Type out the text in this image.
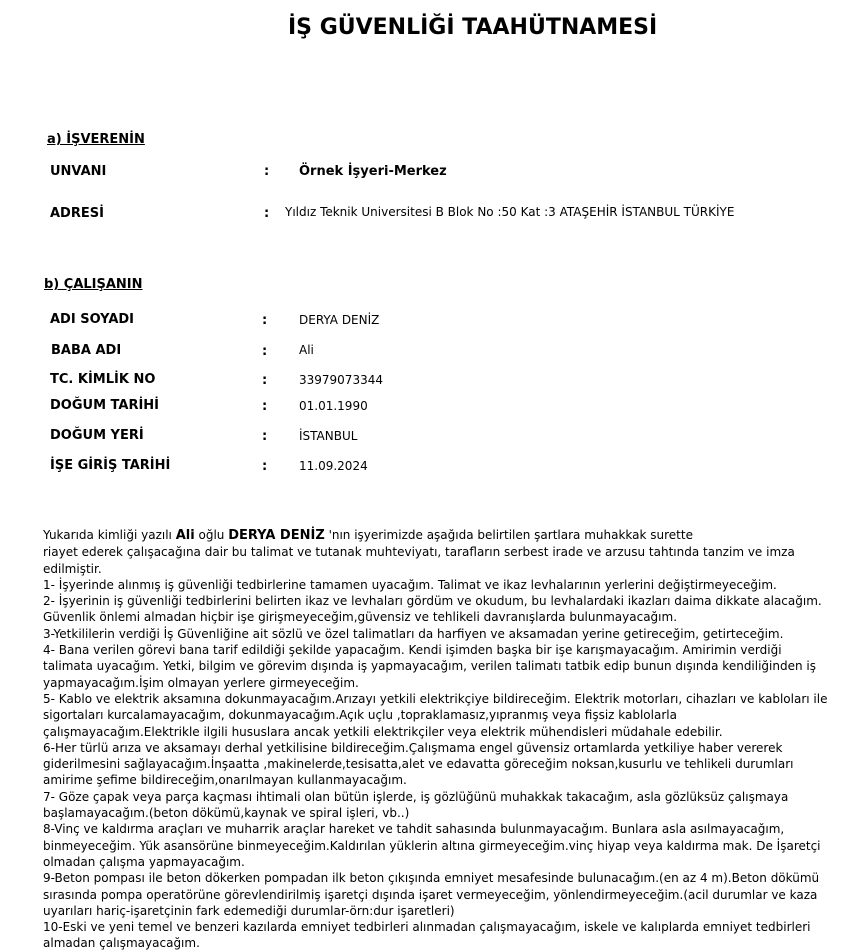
İŞ GÜVENLİĞİ TAAHÜTNAMESİ
a) İŞVERENİN
UNVANI	: Örnek İşyeri-Merkez
ADRESİ	: Yıldız Teknik Universitesi B Blok No :50 Kat :3 ATAŞEHİR İSTANBUL TÜRKİYE
b) ÇALIŞANIN
ADI SOYADI	:	DERYA DENİZ
BABA ADI	:	Ali
TC. KİMLİK NO	:	33979073344
DOĞUM TARİHİ	:	01.01.1990
DOĞUM YERİ	:	İSTANBUL
İŞE GİRİŞ TARİHİ	:	11.09.2024

Yukarıda kimliği yazılı Ali oğlu DERYA DENİZ 'nın işyerimizde aşağıda belirtilen şartlara muhakkak surette

riayet ederek çalışacağına dair bu talimat ve tutanak muhteviyatı, tarafların serbest irade ve arzusu tahtında tanzim ve imza edilmiştir.

1- İşyerinde alınmış iş güvenliği tedbirlerine tamamen uyacağım. Talimat ve ikaz levhalarının yerlerini değiştirmeyeceğim.

2- İşyerinin iş güvenliği tedbirlerini belirten ikaz ve levhaları gördüm ve okudum, bu levhalardaki ikazları daima dikkate alacağım. Güvenlik önlemi almadan hiçbir işe girişmeyeceğim,güvensiz ve tehlikeli davranışlarda bulunmayacağım.

3-Yetkililerin verdiği İş Güvenliğine ait sözlü ve özel talimatları da harfiyen ve aksamadan yerine getireceğim, getirteceğim.

4- Bana verilen görevi bana tarif edildiği şekilde yapacağım. Kendi işimden başka bir işe karışmayacağım. Amirimin verdiği talimata uyacağım. Yetki, bilgim ve görevim dışında iş yapmayacağım, verilen talimatı tatbik edip bunun dışında kendiliğinden iş yapmayacağım.İşim olmayan yerlere girmeyeceğim.

5- Kablo ve elektrik aksamına dokunmayacağım.Arızayı yetkili elektrikçiye bildireceğim. Elektrik motorları, cihazları ve kabloları ile sigortaları kurcalamayacağım, dokunmayacağım.Açık uçlu ,topraklamasız,yıpranmış veya fişsiz kablolarla çalışmayacağım.Elektrikle ilgili hususlara ancak yetkili elektrikçiler veya elektrik mühendisleri müdahale edebilir.

6-Her türlü arıza ve aksamayı derhal yetkilisine bildireceğim.Çalışmama engel güvensiz ortamlarda yetkiliye haber vererek giderilmesini sağlayacağım.İnşaatta ,makinelerde,tesisatta,alet ve edavatta göreceğim noksan,kusurlu ve tehlikeli durumları amirime şefime bildireceğim,onarılmayan kullanmayacağım.

7- Göze çapak veya parça kaçması ihtimali olan bütün işlerde, iş gözlüğünü muhakkak takacağım, asla gözlüksüz çalışmaya başlamayacağım.(beton dökümü,kaynak ve spiral işleri, vb..)

8-Vinç ve kaldırma araçları ve muharrik araçlar hareket ve tahdit sahasında bulunmayacağım. Bunlara asla asılmayacağım, binmeyeceğim. Yük asansörüne binmeyeceğim.Kaldırılan yüklerin altına girmeyeceğim.vinç hiyap veya kaldırma mak. De İşaretçi olmadan çalışma yapmayacağım.

9-Beton pompası ile beton dökerken pompadan ilk beton çıkışında emniyet mesafesinde bulunacağım.(en az 4 m).Beton dökümü sırasında pompa operatörüne görevlendirilmiş işaretçi dışında işaret vermeyeceğim, yönlendirmeyeceğim.(acil durumlar ve kaza uyarıları hariç-işaretçinin fark edemediği durumlar-örn:dur işaretleri)

10-Eski ve yeni temel ve benzeri kazılarda emniyet tedbirleri alınmadan çalışmayacağım, iskele ve kalıplarda emniyet tedbirleri almadan çalışmayacağım.
